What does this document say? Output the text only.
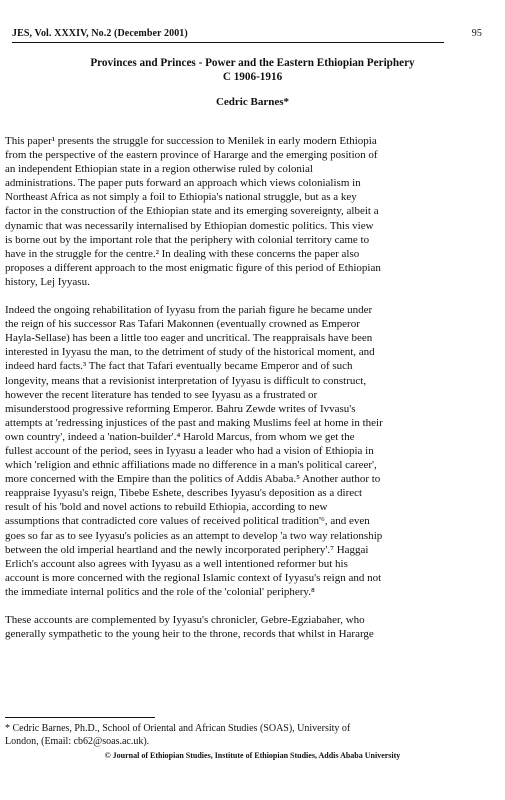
JES, Vol. XXXIV, No.2 (December 2001)	95
Provinces and Princes - Power and the Eastern Ethiopian Periphery
C 1906-1916
Cedric Barnes*

This paper¹ presents the struggle for succession to Menilek in early modern Ethiopia
from the perspective of the eastern province of Hararge and the emerging position of
an independent Ethiopian state in a region otherwise ruled by colonial
administrations. The paper puts forward an approach which views colonialism in
Northeast Africa as not simply a foil to Ethiopia's national struggle, but as a key
factor in the construction of the Ethiopian state and its emerging sovereignty, albeit a
dynamic that was necessarily internalised by Ethiopian domestic politics. This view
is borne out by the important role that the periphery with colonial territory came to
have in the struggle for the centre.² In dealing with these concerns the paper also
proposes a different approach to the most enigmatic figure of this period of Ethiopian
history, Lej Iyyasu.

Indeed the ongoing rehabilitation of Iyyasu from the pariah figure he became under
the reign of his successor Ras Tafari Makonnen (eventually crowned as Emperor
Hayla-Sellase) has been a little too eager and uncritical. The reappraisals have been
interested in Iyyasu the man, to the detriment of study of the historical moment, and
indeed hard facts.³ The fact that Tafari eventually became Emperor and of such
longevity, means that a revisionist interpretation of Iyyasu is difficult to construct,
however the recent literature has tended to see Iyyasu as a frustrated or
misunderstood progressive reforming Emperor. Bahru Zewde writes of Ivvasu's
attempts at 'redressing injustices of the past and making Muslims feel at home in their
own country', indeed a 'nation-builder'.⁴ Harold Marcus, from whom we get the
fullest account of the period, sees in Iyyasu a leader who had a vision of Ethiopia in
which 'religion and ethnic affiliations made no difference in a man's political career',
more concerned with the Empire than the politics of Addis Ababa.⁵ Another author to
reappraise Iyyasu's reign, Tibebe Eshete, describes Iyyasu's deposition as a direct
result of his 'bold and novel actions to rebuild Ethiopia, according to new
assumptions that contradicted core values of received political tradition'⁶, and even
goes so far as to see Iyyasu's policies as an attempt to develop 'a two way relationship
between the old imperial heartland and the newly incorporated periphery'.⁷ Haggai
Erlich's account also agrees with Iyyasu as a well intentioned reformer but his
account is more concerned with the regional Islamic context of Iyyasu's reign and not
the immediate internal politics and the role of the 'colonial' periphery.⁸

These accounts are complemented by Iyyasu's chronicler, Gebre-Egziabaher, who
generally sympathetic to the young heir to the throne, records that whilst in Hararge

* Cedric Barnes, Ph.D., School of Oriental and African Studies (SOAS), University of
London, (Email: cb62@soas.ac.uk).
© Journal of Ethiopian Studies, Institute of Ethiopian Studies, Addis Ababa University
